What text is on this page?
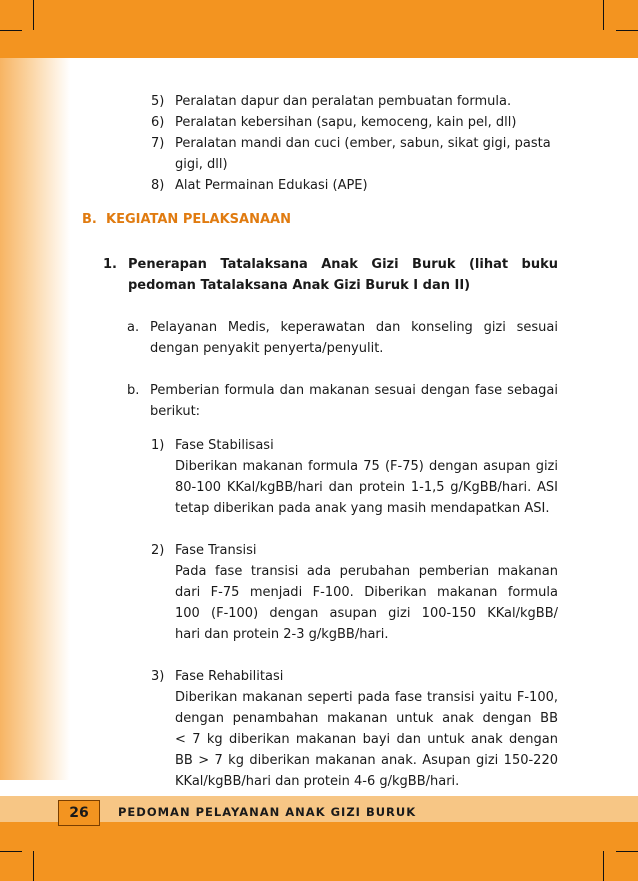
5) Peralatan dapur dan peralatan pembuatan formula.
6) Peralatan kebersihan (sapu, kemoceng, kain pel, dll)
7) Peralatan mandi dan cuci (ember, sabun, sikat gigi, pasta
gigi, dll)
8) Alat Permainan Edukasi (APE)
B. KEGIATAN PELAKSANAAN
1. Penerapan Tatalaksana Anak Gizi Buruk (lihat buku
pedoman Tatalaksana Anak Gizi Buruk I dan II)
a. Pelayanan Medis, keperawatan dan konseling gizi sesuai
dengan penyakit penyerta/penyulit.
b. Pemberian formula dan makanan sesuai dengan fase sebagai
berikut:
1) Fase Stabilisasi
Diberikan makanan formula 75 (F-75) dengan asupan gizi
80-100 KKal/kgBB/hari dan protein 1-1,5 g/KgBB/hari. ASI
tetap diberikan pada anak yang masih mendapatkan ASI.
2) Fase Transisi
Pada fase transisi ada perubahan pemberian makanan
dari F-75 menjadi F-100. Diberikan makanan formula
100 (F-100) dengan asupan gizi 100-150 KKal/kgBB/
hari dan protein 2-3 g/kgBB/hari.
3) Fase Rehabilitasi
Diberikan makanan seperti pada fase transisi yaitu F-100,
dengan penambahan makanan untuk anak dengan BB
< 7 kg diberikan makanan bayi dan untuk anak dengan
BB > 7 kg diberikan makanan anak. Asupan gizi 150-220
KKal/kgBB/hari dan protein 4-6 g/kgBB/hari.
26	PEDOMAN PELAYANAN ANAK GIZI BURUK
